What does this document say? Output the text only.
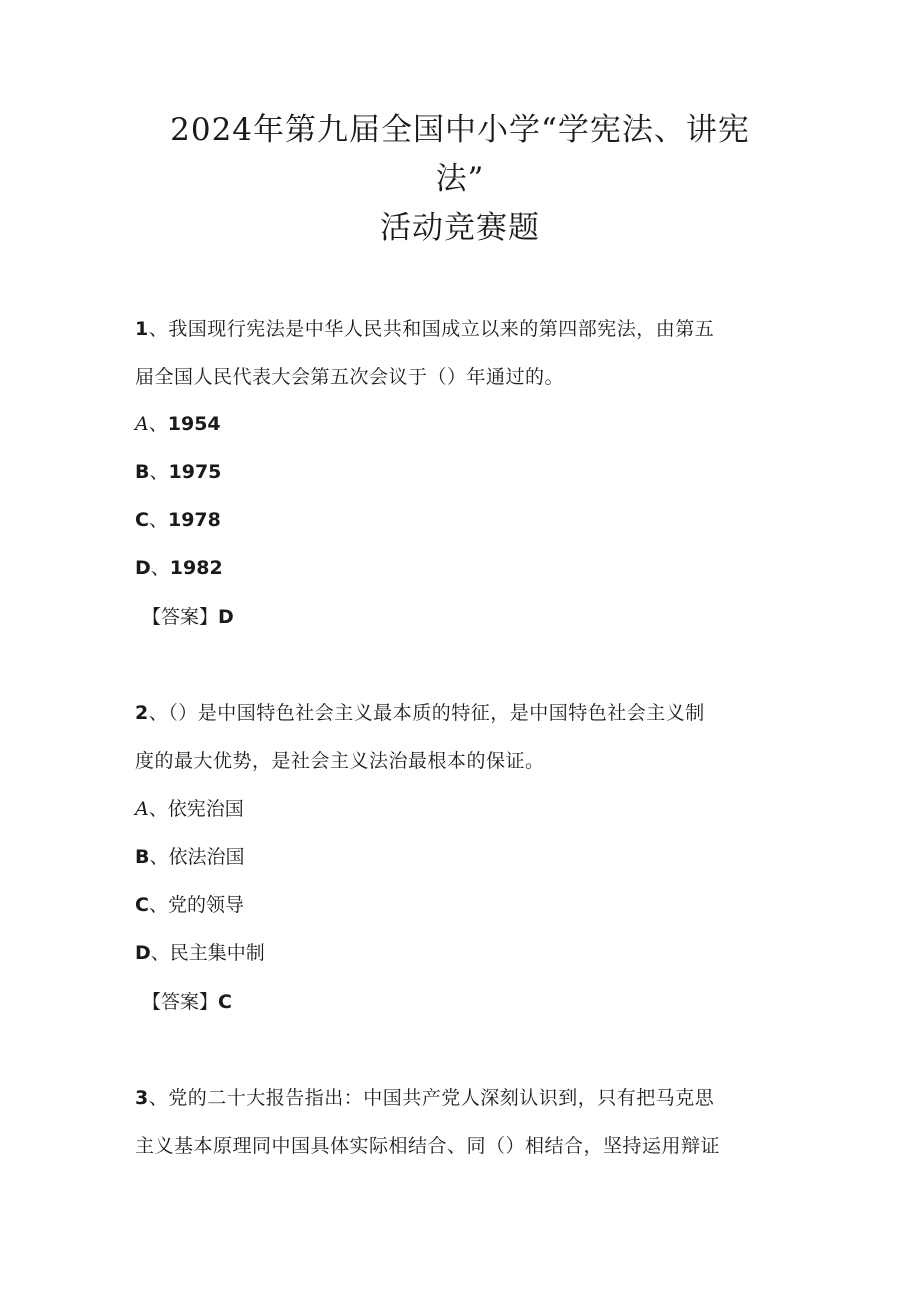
2024年第九届全国中小学“学宪法、讲宪
法”
活动竞赛题
1、我国现行宪法是中华人民共和国成立以来的第四部宪法，由第五
届全国人民代表大会第五次会议于（）年通过的。
A、1954
B、1975
C、1978
D、1982
【答案】D
2、（）是中国特色社会主义最本质的特征，是中国特色社会主义制
度的最大优势，是社会主义法治最根本的保证。
A、依宪治国
B、依法治国
C、党的领导
D、民主集中制
【答案】C
3、党的二十大报告指出：中国共产党人深刻认识到，只有把马克思
主义基本原理同中国具体实际相结合、同（）相结合，坚持运用辩证
